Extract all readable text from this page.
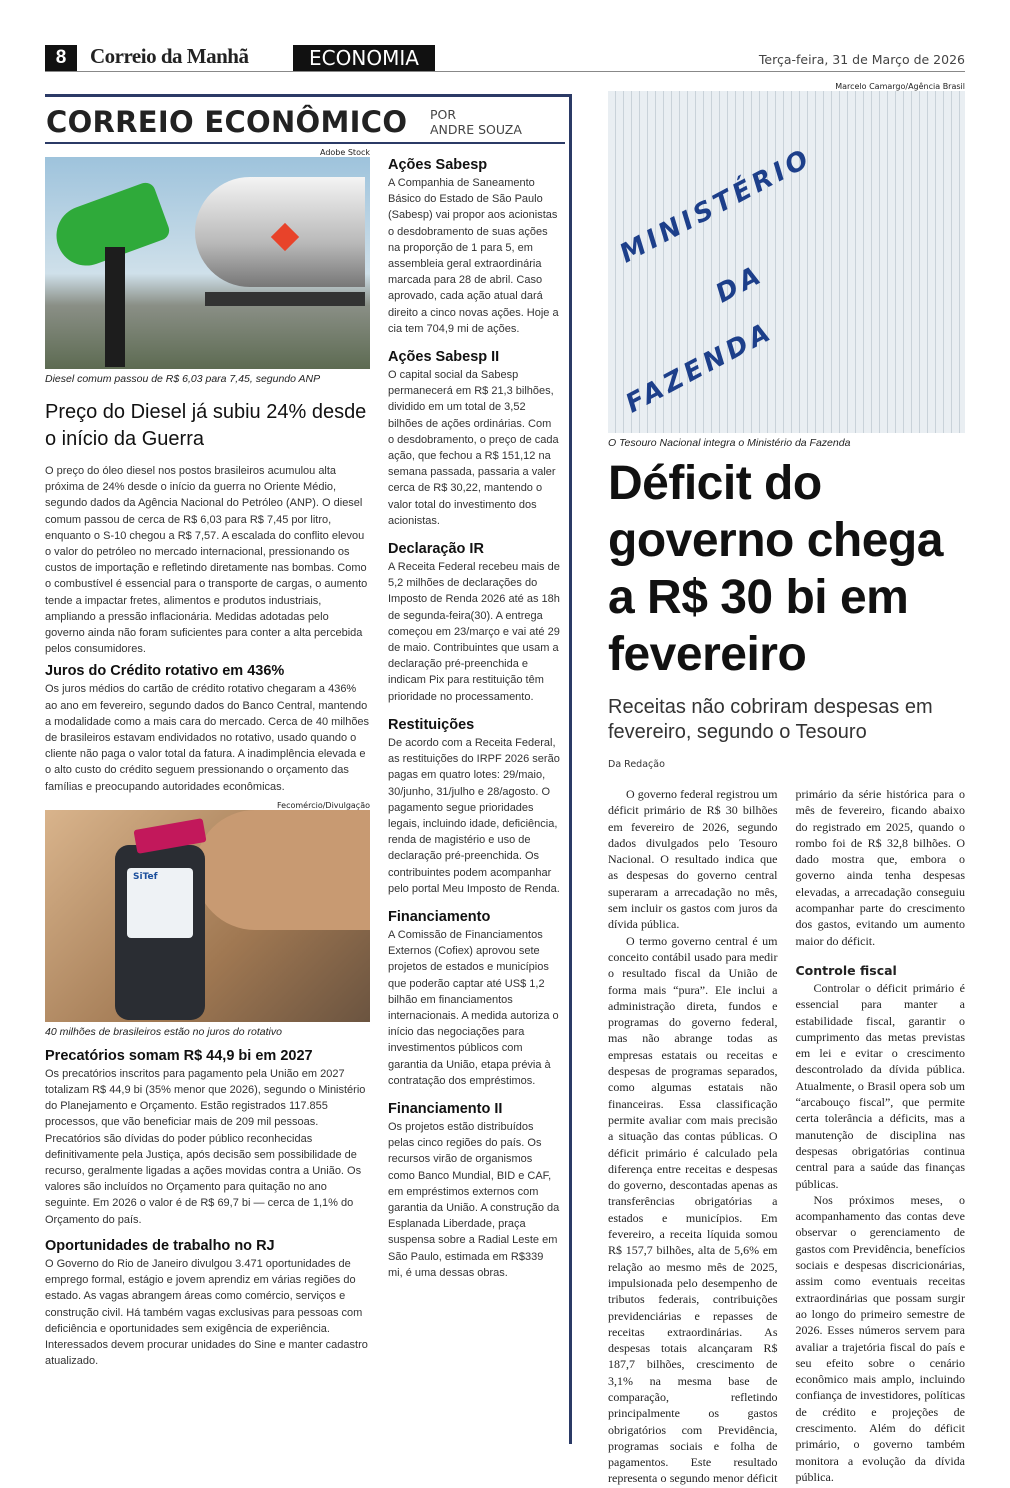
8	Correio da Manhã	ECONOMIA	Terça-feira, 31 de Março de 2026
CORREIO ECONÔMICO POR
ANDRE SOUZA
Adobe Stock
Diesel comum passou de R$ 6,03 para 7,45, segundo ANP
Preço do Diesel já subiu 24% desde o início da Guerra
O preço do óleo diesel nos postos brasileiros acumulou alta próxima de 24% desde o início da guerra no Oriente Médio, segundo dados da Agência Nacional do Petróleo (ANP). O diesel comum passou de cerca de R$ 6,03 para R$ 7,45 por litro, enquanto o S-10 chegou a R$ 7,57. A escalada do conflito elevou o valor do petróleo no mercado internacional, pressionando os custos de importação e refletindo diretamente nas bombas. Como o combustível é essencial para o transporte de cargas, o aumento tende a impactar fretes, alimentos e produtos industriais, ampliando a pressão inflacionária. Medidas adotadas pelo governo ainda não foram suficientes para conter a alta percebida pelos consumidores.
Juros do Crédito rotativo em 436%
Os juros médios do cartão de crédito rotativo chegaram a 436% ao ano em fevereiro, segundo dados do Banco Central, mantendo a modalidade como a mais cara do mercado. Cerca de 40 milhões de brasileiros estavam endividados no rotativo, usado quando o cliente não paga o valor total da fatura. A inadimplência elevada e o alto custo do crédito seguem pressionando o orçamento das famílias e preocupando autoridades econômicas.
Fecomércio/Divulgação
SiTef
40 milhões de brasileiros estão no juros do rotativo
Precatórios somam R$ 44,9 bi em 2027
Os precatórios inscritos para pagamento pela União em 2027 totalizam R$ 44,9 bi (35% menor que 2026), segundo o Ministério do Planejamento e Orçamento. Estão registrados 117.855 processos, que vão beneficiar mais de 209 mil pessoas. Precatórios são dívidas do poder público reconhecidas definitivamente pela Justiça, após decisão sem possibilidade de recurso, geralmente ligadas a ações movidas contra a União. Os valores são incluídos no Orçamento para quitação no ano seguinte. Em 2026 o valor é de R$ 69,7 bi — cerca de 1,1% do Orçamento do país.
Oportunidades de trabalho no RJ
O Governo do Rio de Janeiro divulgou 3.471 oportunidades de emprego formal, estágio e jovem aprendiz em várias regiões do estado. As vagas abrangem áreas como comércio, serviços e construção civil. Há também vagas exclusivas para pessoas com deficiência e oportunidades sem exigência de experiência. Interessados devem procurar unidades do Sine e manter cadastro atualizado.
Ações Sabesp
A Companhia de Saneamento Básico do Estado de São Paulo (Sabesp) vai propor aos acionistas o desdobramento de suas ações na proporção de 1 para 5, em assembleia geral extraordinária marcada para 28 de abril. Caso aprovado, cada ação atual dará direito a cinco novas ações. Hoje a cia tem 704,9 mi de ações.
Ações Sabesp II
O capital social da Sabesp permanecerá em R$ 21,3 bilhões, dividido em um total de 3,52 bilhões de ações ordinárias. Com o desdobramento, o preço de cada ação, que fechou a R$ 151,12 na semana passada, passaria a valer cerca de R$ 30,22, mantendo o valor total do investimento dos acionistas.
Declaração IR
A Receita Federal recebeu mais de 5,2 milhões de declarações do Imposto de Renda 2026 até as 18h de segunda-feira(30). A entrega começou em 23/março e vai até 29 de maio. Contribuintes que usam a declaração pré-preenchida e indicam Pix para restituição têm prioridade no processamento.
Restituições
De acordo com a Receita Federal, as restituições do IRPF 2026 serão pagas em quatro lotes: 29/maio, 30/junho, 31/julho e 28/agosto. O pagamento segue prioridades legais, incluindo idade, deficiência, renda de magistério e uso de declaração pré-preenchida. Os contribuintes podem acompanhar pelo portal Meu Imposto de Renda.
Financiamento
A Comissão de Financiamentos Externos (Cofiex) aprovou sete projetos de estados e municípios que poderão captar até US$ 1,2 bilhão em financiamentos internacionais. A medida autoriza o início das negociações para investimentos públicos com garantia da União, etapa prévia à contratação dos empréstimos.
Financiamento II
Os projetos estão distribuídos pelas cinco regiões do país. Os recursos virão de organismos como Banco Mundial, BID e CAF, em empréstimos externos com garantia da União. A construção da Esplanada Liberdade, praça suspensa sobre a Radial Leste em São Paulo, estimada em R$339 mi, é uma dessas obras.
Marcelo Camargo/Agência Brasil
MINISTÉRIO
DA
FAZENDA
O Tesouro Nacional integra o Ministério da Fazenda
Déficit do governo chega a R$ 30 bi em fevereiro
Receitas não cobriram despesas em fevereiro, segundo o Tesouro
Da Redação

O governo federal registrou um déficit primário de R$ 30 bilhões em fevereiro de 2026, segundo dados divulgados pelo Tesouro Nacional. O resultado indica que as despesas do governo central superaram a arrecadação no mês, sem incluir os gastos com juros da dívida pública.

O termo governo central é um conceito contábil usado para medir o resultado fiscal da União de forma mais “pura”. Ele inclui a administração direta, fundos e programas do governo federal, mas não abrange todas as empresas estatais ou receitas e despesas de programas separados, como algumas estatais não financeiras. Essa classificação permite avaliar com mais precisão a situação das contas públicas. O déficit primário é calculado pela diferença entre receitas e despesas do governo, descontadas apenas as transferências obrigatórias a estados e municípios. Em fevereiro, a receita líquida somou R$ 157,7 bilhões, alta de 5,6% em relação ao mesmo mês de 2025, impulsionada pelo desempenho de tributos federais, contribuições previdenciárias e repasses de receitas extraordinárias. As despesas totais alcançaram R$ 187,7 bilhões, crescimento de 3,1% na mesma base de comparação, refletindo principalmente os gastos obrigatórios com Previdência, programas sociais e folha de pagamentos. Este resultado representa o segundo menor déficit primário da série histórica para o mês de fevereiro, ficando abaixo do registrado em 2025, quando o rombo foi de R$ 32,8 bilhões. O dado mostra que, embora o governo ainda tenha despesas elevadas, a arrecadação conseguiu acompanhar parte do crescimento dos gastos, evitando um aumento maior do déficit.

Controle fiscal

Controlar o déficit primário é essencial para manter a estabilidade fiscal, garantir o cumprimento das metas previstas em lei e evitar o crescimento descontrolado da dívida pública. Atualmente, o Brasil opera sob um “arcabouço fiscal”, que permite certa tolerância a déficits, mas a manutenção de disciplina nas despesas obrigatórias continua central para a saúde das finanças públicas.

Nos próximos meses, o acompanhamento das contas deve observar o gerenciamento de gastos com Previdência, benefícios sociais e despesas discricionárias, assim como eventuais receitas extraordinárias que possam surgir ao longo do primeiro semestre de 2026. Esses números servem para avaliar a trajetória fiscal do país e seu efeito sobre o cenário econômico mais amplo, incluindo confiança de investidores, políticas de crédito e projeções de crescimento. Além do déficit primário, o governo também monitora a evolução da dívida pública.
